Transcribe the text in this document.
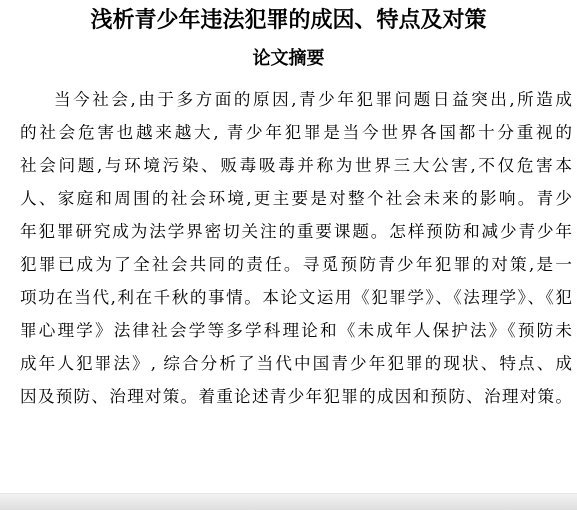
浅析青少年违法犯罪的成因、特点及对策
论文摘要
当今社会,由于多方面的原因,青少年犯罪问题日益突出,所造成
的社会危害也越来越大, 青少年犯罪是当今世界各国都十分重视的
社会问题,与环境污染、贩毒吸毒并称为世界三大公害,不仅危害本
人、家庭和周围的社会环境,更主要是对整个社会未来的影响。青少
年犯罪研究成为法学界密切关注的重要课题。怎样预防和减少青少年
犯罪已成为了全社会共同的责任。寻觅预防青少年犯罪的对策,是一
项功在当代,利在千秋的事情。本论文运用《犯罪学》、《法理学》、《犯
罪心理学》法律社会学等多学科理论和《未成年人保护法》《预防未
成年人犯罪法》, 综合分析了当代中国青少年犯罪的现状、特点、成
因及预防、治理对策。着重论述青少年犯罪的成因和预防、治理对策。
